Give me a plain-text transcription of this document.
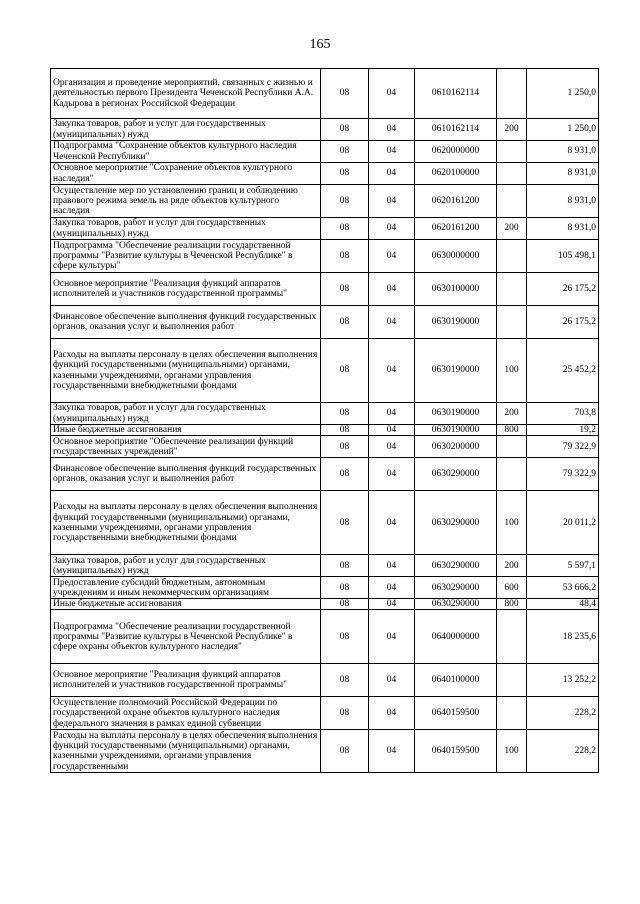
165
Организация и проведение мероприятий, связанных с жизнью и деятельностью первого Президента Чеченской Республики А.А. Кадырова в регионах Российской Федерации	08	04	0610162114		1 250,0
Закупка товаров, работ и услуг для государственных (муниципальных) нужд	08	04	0610162114	200	1 250,0
Подпрограмма "Сохранение объектов культурного наследия Чеченской Республики"	08	04	0620000000		8 931,0
Основное мероприятие "Сохранение объектов культурного наследия"	08	04	0620100000		8 931,0
Осуществление мер по установлению границ и соблюдению правового режима земель на ряде объектов культурного наследия	08	04	0620161200		8 931,0
Закупка товаров, работ и услуг для государственных (муниципальных) нужд	08	04	0620161200	200	8 931,0
Подпрограмма "Обеспечение реализации государственной программы "Развитие культуры в Чеченской Республике" в сфере культуры"	08	04	0630000000		105 498,1
Основное мероприятие "Реализация функций аппаратов исполнителей и участников государственной программы"	08	04	0630100000		26 175,2
Финансовое обеспечение выполнения функций государственных органов, оказания услуг и выполнения работ	08	04	0630190000		26 175,2
Расходы на выплаты персоналу в целях обеспечения выполнения функций государственными (муниципальными) органами, казенными учреждениями, органами управления государственными внебюджетными фондами	08	04	0630190000	100	25 452,2
Закупка товаров, работ и услуг для государственных (муниципальных) нужд	08	04	0630190000	200	703,8
Иные бюджетные ассигнования	08	04	0630190000	800	19,2
Основное мероприятие "Обеспечение реализации функций государственных учреждений"	08	04	0630200000		79 322,9
Финансовое обеспечение выполнения функций государственных органов, оказания услуг и выполнения работ	08	04	0630290000		79 322,9
Расходы на выплаты персоналу в целях обеспечения выполнения функций государственными (муниципальными) органами, казенными учреждениями, органами управления государственными внебюджетными фондами	08	04	0630290000	100	20 011,2
Закупка товаров, работ и услуг для государственных (муниципальных) нужд	08	04	0630290000	200	5 597,1
Предоставление субсидий бюджетным, автономным учреждениям и иным некоммерческим организациям	08	04	0630290000	600	53 666,2
Иные бюджетные ассигнования	08	04	0630290000	800	48,4
Подпрограмма "Обеспечение реализации государственной программы "Развитие культуры в Чеченской Республике" в сфере охраны объектов культурного наследия"	08	04	0640000000		18 235,6
Основное мероприятие "Реализация функций аппаратов исполнителей и участников государственной программы"	08	04	0640100000		13 252,2
Осуществление полномочий Российской Федерации по государственной охране объектов культурного наследия федерального значения в рамках единой субвенции	08	04	0640159500		228,2
Расходы на выплаты персоналу в целях обеспечения выполнения функций государственными (муниципальными) органами, казенными учреждениями, органами управления государственными	08	04	0640159500	100	228,2
